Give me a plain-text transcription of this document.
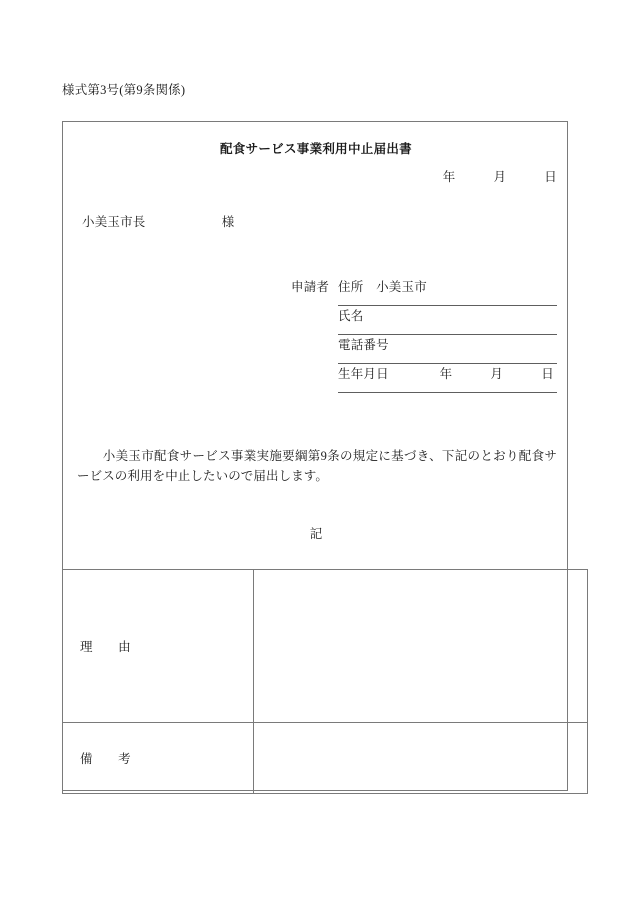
様式第3号(第9条関係)
配食サービス事業利用中止届出書
年　　　月　　　日
小美玉市長　　　　　　様
申請者 住所　小美玉市
氏名
電話番号
生年月日　　　　年　　　月　　　日
　小美玉市配食サービス事業実施要綱第9条の規定に基づき、下記のとおり配食サービスの利用を中止したいので届出します。
記
理　　由	
備　　考	
